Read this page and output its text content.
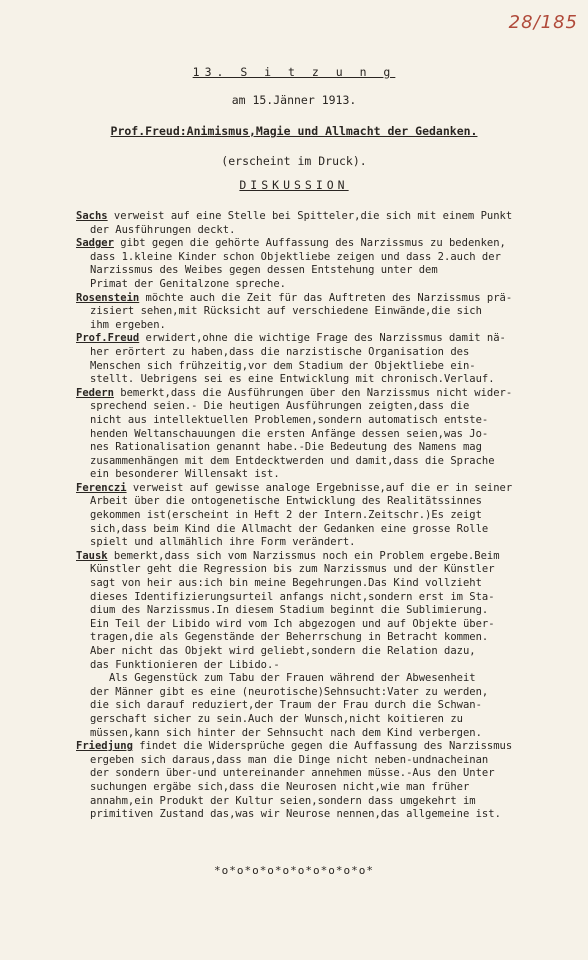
28/185
13. S i t z u n g
am 15.Jänner 1913.
Prof.Freud:Animismus,Magie und Allmacht der Gedanken.
(erscheint im Druck).
DISKUSSION
Sachs verweist auf eine Stelle bei Spitteler,die sich mit einem Punkt
der Ausführungen deckt.
Sadger gibt gegen die gehörte Auffassung des Narzissmus zu bedenken,
dass 1.kleine Kinder schon Objektliebe zeigen und dass 2.auch der
Narzissmus des Weibes gegen dessen Entstehung unter dem
Primat der Genitalzone spreche.
Rosenstein möchte auch die Zeit für das Auftreten des Narzissmus prä-
zisiert sehen,mit Rücksicht auf verschiedene Einwände,die sich
ihm ergeben.
Prof.Freud erwidert,ohne die wichtige Frage des Narzissmus damit nä-
her erörtert zu haben,dass die narzistische Organisation des
Menschen sich frühzeitig,vor dem Stadium der Objektliebe ein-
stellt. Uebrigens sei es eine Entwicklung mit chronisch.Verlauf.
Federn bemerkt,dass die Ausführungen über den Narzissmus nicht wider-
sprechend seien.- Die heutigen Ausführungen zeigten,dass die
nicht aus intellektuellen Problemen,sondern automatisch entste-
henden Weltanschauungen die ersten Anfänge dessen seien,was Jo-
nes Rationalisation genannt habe.-Die Bedeutung des Namens mag
zusammenhängen mit dem Entdecktwerden und damit,dass die Sprache
ein besonderer Willensakt ist.
Ferenczi verweist auf gewisse analoge Ergebnisse,auf die er in seiner
Arbeit über die ontogenetische Entwicklung des Realitätssinnes
gekommen ist(erscheint in Heft 2 der Intern.Zeitschr.)Es zeigt
sich,dass beim Kind die Allmacht der Gedanken eine grosse Rolle
spielt und allmählich ihre Form verändert.
Tausk bemerkt,dass sich vom Narzissmus noch ein Problem ergebe.Beim
Künstler geht die Regression bis zum Narzissmus und der Künstler
sagt von heir aus:ich bin meine Begehrungen.Das Kind vollzieht
dieses Identifizierungsurteil anfangs nicht,sondern erst im Sta-
dium des Narzissmus.In diesem Stadium beginnt die Sublimierung.
Ein Teil der Libido wird vom Ich abgezogen und auf Objekte über-
tragen,die als Gegenstände der Beherrschung in Betracht kommen.
Aber nicht das Objekt wird geliebt,sondern die Relation dazu,
das Funktionieren der Libido.-
Als Gegenstück zum Tabu der Frauen während der Abwesenheit
der Männer gibt es eine (neurotische)Sehnsucht:Vater zu werden,
die sich darauf reduziert,der Traum der Frau durch die Schwan-
gerschaft sicher zu sein.Auch der Wunsch,nicht koitieren zu
müssen,kann sich hinter der Sehnsucht nach dem Kind verbergen.
Friedjung findet die Widersprüche gegen die Auffassung des Narzissmus
ergeben sich daraus,dass man die Dinge nicht neben-undnacheinan
der sondern über-und untereinander annehmen müsse.-Aus den Unter
suchungen ergäbe sich,dass die Neurosen nicht,wie man früher
annahm,ein Produkt der Kultur seien,sondern dass umgekehrt im
primitiven Zustand das,was wir Neurose nennen,das allgemeine ist.
*o*o*o*o*o*o*o*o*o*o*
